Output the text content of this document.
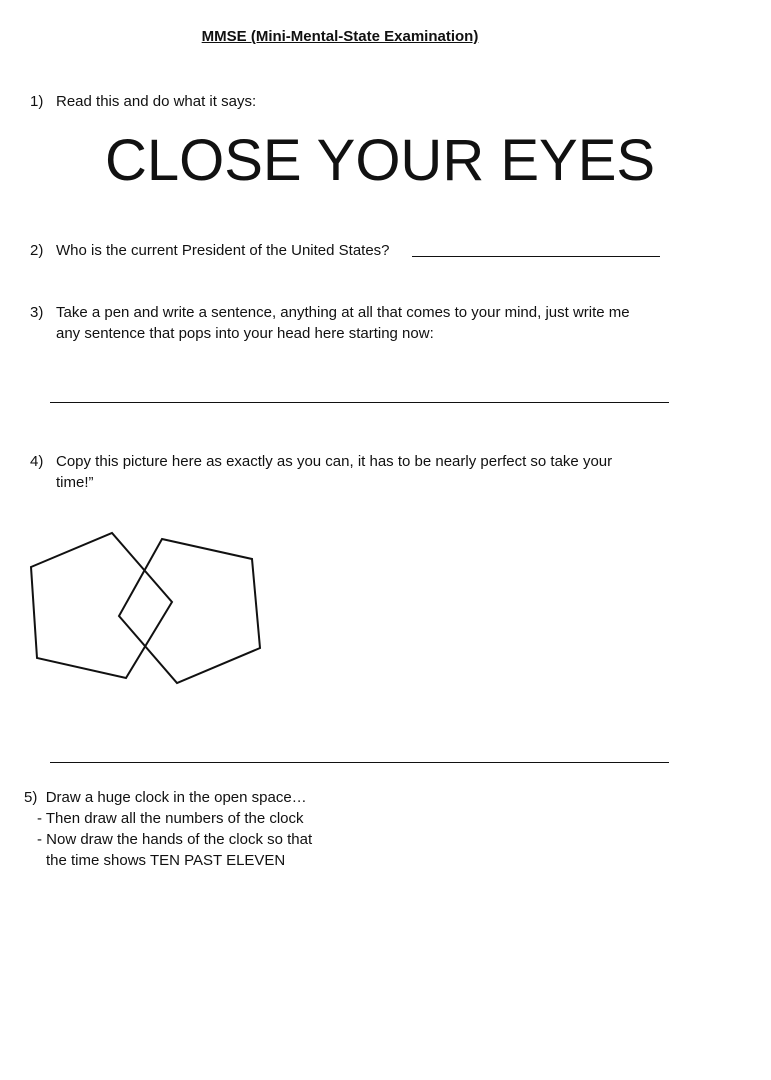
MMSE (Mini-Mental-State Examination)
1) Read this and do what it says:
CLOSE YOUR EYES
2) Who is the current President of the United States?
3) Take a pen and write a sentence, anything at all that comes to your mind, just write me
any sentence that pops into your head here starting now:
4) Copy this picture here as exactly as you can, it has to be nearly perfect so take your
time!”
5) Draw a huge clock in the open space…
- Then draw all the numbers of the clock
- Now draw the hands of the clock so that
the time shows TEN PAST ELEVEN
